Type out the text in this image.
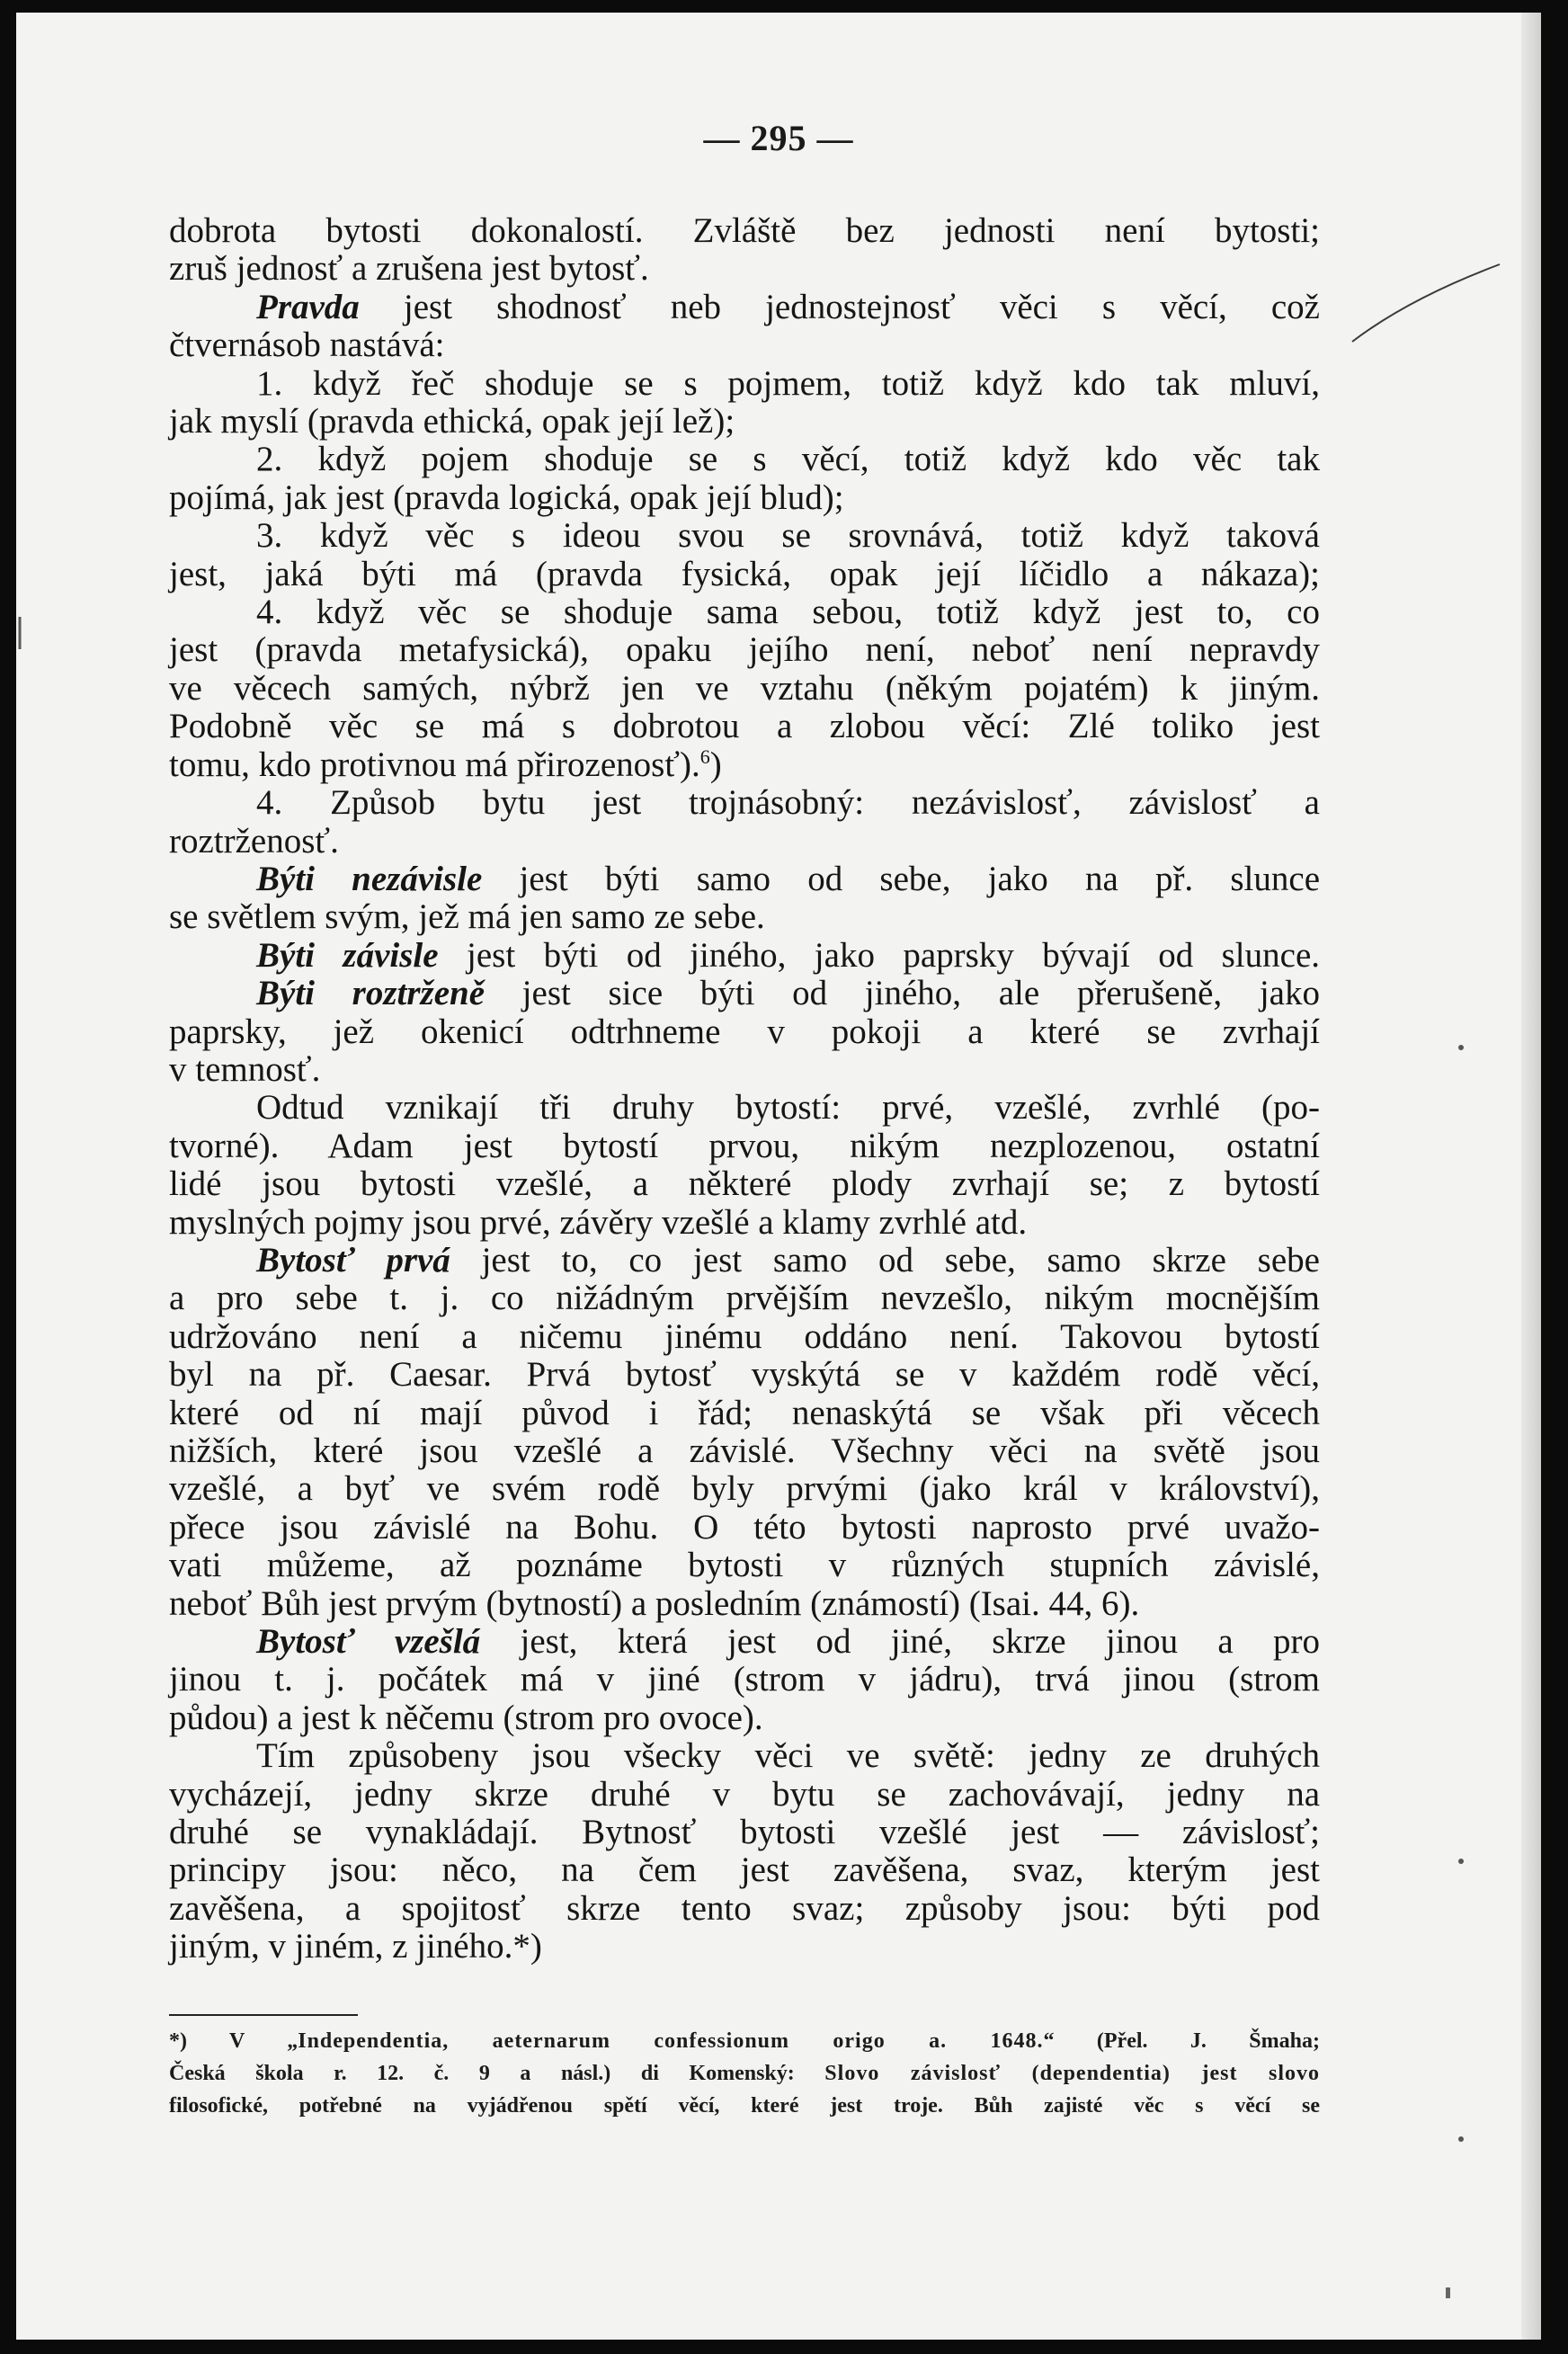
— 295 —

dobrota bytosti dokonalostí. Zvláště bez jednosti není bytosti;

zruš jednosť a zrušena jest bytosť.

Pravda jest shodnosť neb jednostejnosť věci s věcí, což

čtvernásob nastává:

1. když řeč shoduje se s pojmem, totiž když kdo tak mluví,

jak myslí (pravda ethická, opak její lež);

2. když pojem shoduje se s věcí, totiž když kdo věc tak

pojímá, jak jest (pravda logická, opak její blud);

3. když věc s ideou svou se srovnává, totiž když taková

jest, jaká býti má (pravda fysická, opak její líčidlo a nákaza);

4. když věc se shoduje sama sebou, totiž když jest to, co

jest (pravda metafysická), opaku jejího není, neboť není nepravdy

ve věcech samých, nýbrž jen ve vztahu (někým pojatém) k jiným.

Podobně věc se má s dobrotou a zlobou věcí: Zlé toliko jest

tomu, kdo protivnou má přirozenosť).$^6$)

4. Způsob bytu jest trojnásobný: nezávislosť, závislosť a

roztrženosť.

Býti nezávisle jest býti samo od sebe, jako na př. slunce

se světlem svým, jež má jen samo ze sebe.

Býti závisle jest býti od jiného, jako paprsky bývají od slunce.

Býti roztrženě jest sice býti od jiného, ale přerušeně, jako

paprsky, jež okenicí odtrhneme v pokoji a které se zvrhají

v temnosť.

Odtud vznikají tři druhy bytostí: prvé, vzešlé, zvrhlé (po-

tvorné). Adam jest bytostí prvou, nikým nezplozenou, ostatní

lidé jsou bytosti vzešlé, a některé plody zvrhají se; z bytostí

myslných pojmy jsou prvé, závěry vzešlé a klamy zvrhlé atd.

Bytosť prvá jest to, co jest samo od sebe, samo skrze sebe

a pro sebe t. j. co nižádným prvějším nevzešlo, nikým mocnějším

udržováno není a ničemu jinému oddáno není. Takovou bytostí

byl na př. Caesar. Prvá bytosť vyskýtá se v každém rodě věcí,

které od ní mají původ i řád; nenaskýtá se však při věcech

nižších, které jsou vzešlé a závislé. Všechny věci na světě jsou

vzešlé, a byť ve svém rodě byly prvými (jako král v království),

přece jsou závislé na Bohu. O této bytosti naprosto prvé uvažo-

vati můžeme, až poznáme bytosti v různých stupních závislé,

neboť Bůh jest prvým (bytností) a posledním (známostí) (Isai. 44, 6).

Bytosť vzešlá jest, která jest od jiné, skrze jinou a pro

jinou t. j. počátek má v jiné (strom v jádru), trvá jinou (strom

půdou) a jest k něčemu (strom pro ovoce).

Tím způsobeny jsou všecky věci ve světě: jedny ze druhých

vycházejí, jedny skrze druhé v bytu se zachovávají, jedny na

druhé se vynakládají. Bytnosť bytosti vzešlé jest — závislosť;

principy jsou: něco, na čem jest zavěšena, svaz, kterým jest

zavěšena, a spojitosť skrze tento svaz; způsoby jsou: býti pod

jiným, v jiném, z jiného.*)

*) V „Independentia, aeternarum confessionum origo a. 1648.“ (Přel. J. Šmaha;

Česká škola r. 12. č. 9 a násl.) di Komenský: Slovo závislosť (dependentia) jest slovo

filosofické, potřebné na vyjádřenou spětí věcí, které jest troje. Bůh zajisté věc s věcí se
